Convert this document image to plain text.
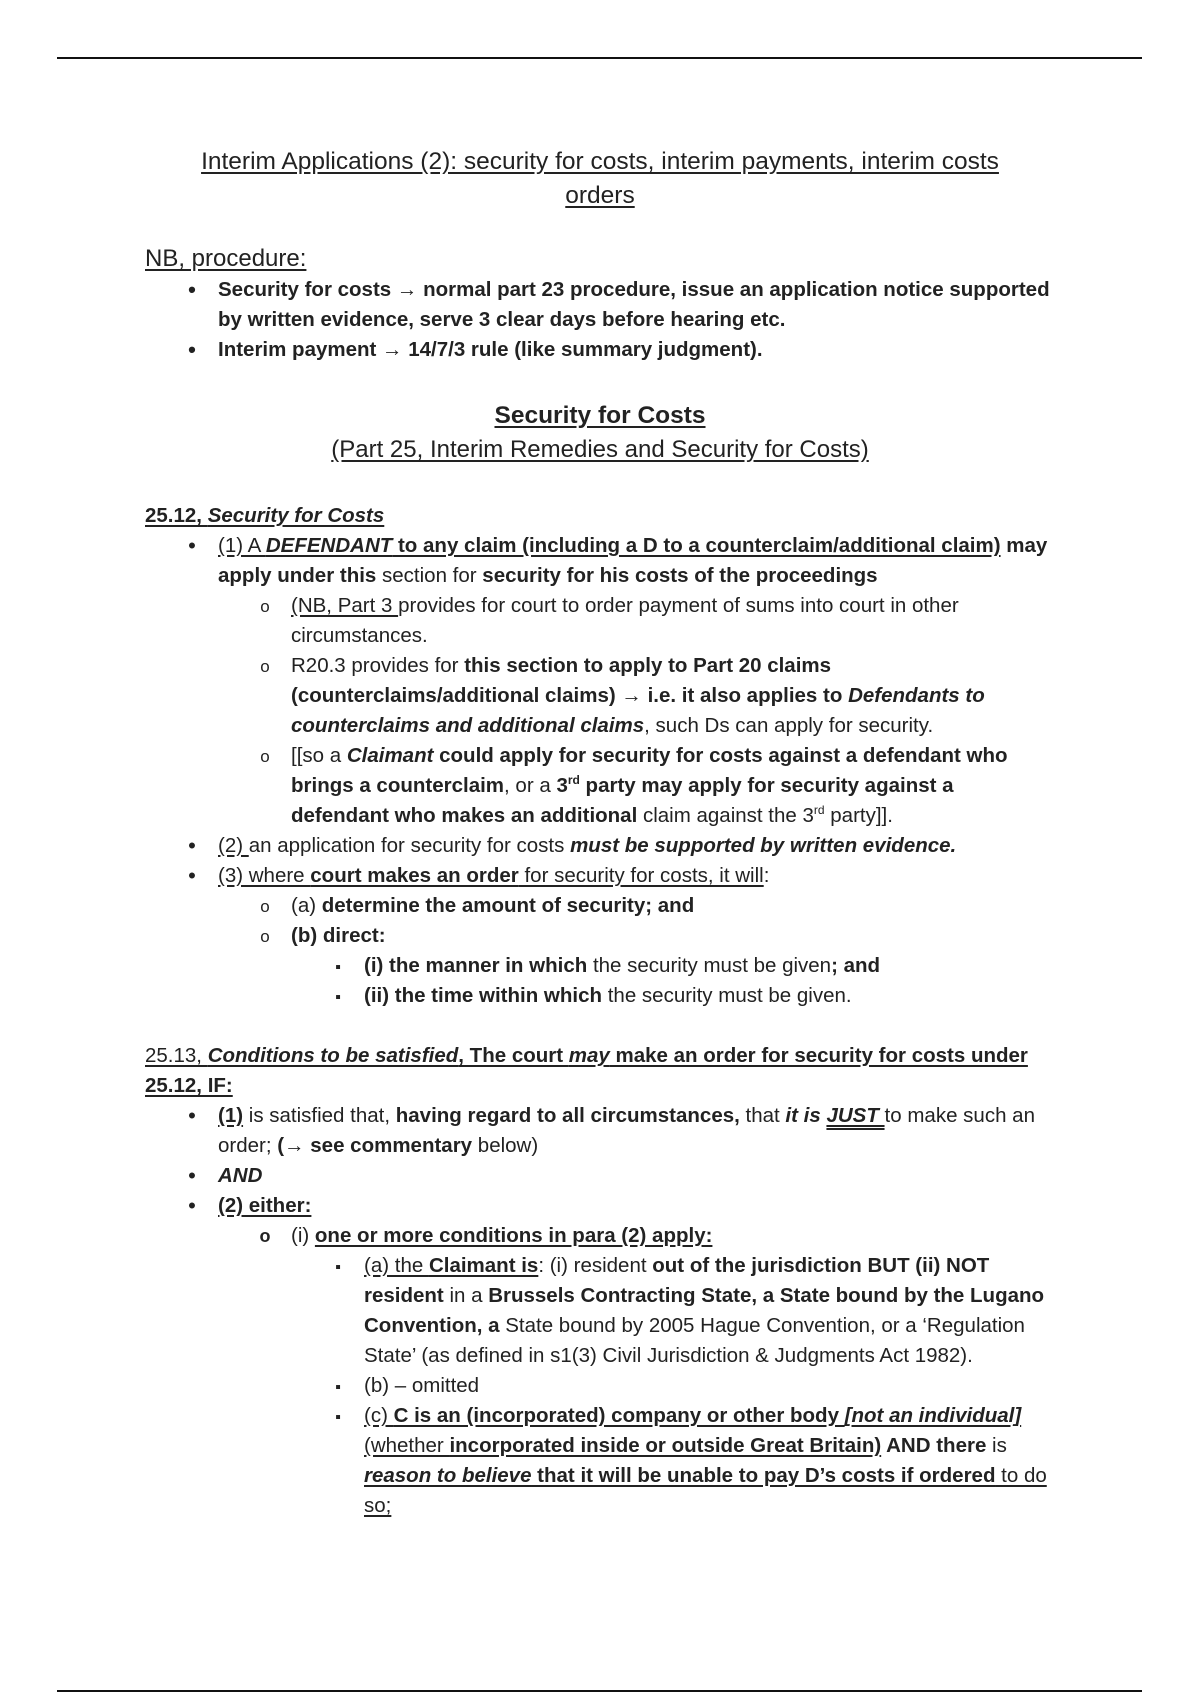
Interim Applications (2): security for costs, interim payments, interim costs
orders
NB, procedure:
•
Security for costs → normal part 23 procedure, issue an application notice supported by written evidence, serve 3 clear days before hearing etc.
•
Interim payment → 14/7/3 rule (like summary judgment).
Security for Costs
(Part 25, Interim Remedies and Security for Costs)
25.12, Security for Costs
•
(1) A DEFENDANT to any claim (including a D to a counterclaim/additional claim) may apply under this section for security for his costs of the proceedings
o
(NB, Part 3 provides for court to order payment of sums into court in other circumstances.
o
R20.3 provides for this section to apply to Part 20 claims (counterclaims/additional claims) → i.e. it also applies to Defendants to counterclaims and additional claims, such Ds can apply for security.
o
[[so a Claimant could apply for security for costs against a defendant who brings a counterclaim, or a 3rd party may apply for security against a defendant who makes an additional claim against the 3rd party]].
•
(2) an application for security for costs must be supported by written evidence.
•
(3) where court makes an order for security for costs, it will:
o
(a) determine the amount of security; and
o
(b) direct:
▪
(i) the manner in which the security must be given; and
▪
(ii) the time within which the security must be given.
25.13, Conditions to be satisfied, The court may make an order for security for costs under
25.12, IF:
•
(1) is satisfied that, having regard to all circumstances, that it is JUST to make such an order; (→ see commentary below)
•
AND
•
(2) either:
o
(i) one or more conditions in para (2) apply:
▪
(a) the Claimant is: (i) resident out of the jurisdiction BUT (ii) NOT resident in a Brussels Contracting State, a State bound by the Lugano Convention, a State bound by 2005 Hague Convention, or a ‘Regulation State’ (as defined in s1(3) Civil Jurisdiction & Judgments Act 1982).
▪
(b) – omitted
▪
(c) C is an (incorporated) company or other body [not an individual] (whether incorporated inside or outside Great Britain) AND there is reason to believe that it will be unable to pay D’s costs if ordered to do so;
